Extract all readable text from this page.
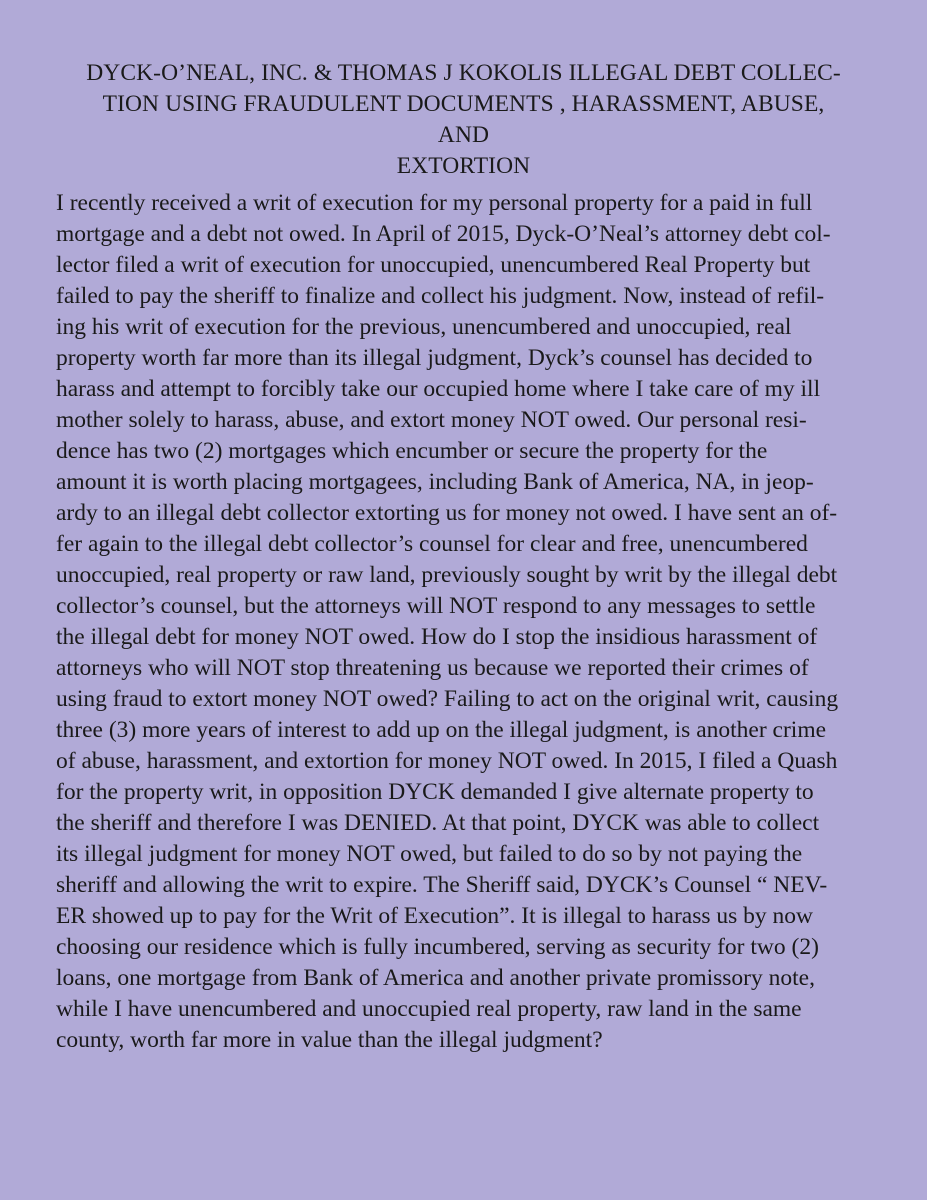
DYCK-O’NEAL, INC. & THOMAS J KOKOLIS ILLEGAL DEBT COLLEC-
TION USING FRAUDULENT DOCUMENTS , HARASSMENT, ABUSE, AND
EXTORTION

I recently received a writ of execution for my personal property for a paid in full
mortgage and a debt not owed. In April of 2015, Dyck-O’Neal’s attorney debt col-
lector filed a writ of execution for unoccupied, unencumbered Real Property but
failed to pay the sheriff to finalize and collect his judgment. Now, instead of refil-
ing his writ of execution for the previous, unencumbered and unoccupied, real
property worth far more than its illegal judgment, Dyck’s counsel has decided to
harass and attempt to forcibly take our occupied home where I take care of my ill
mother solely to harass, abuse, and extort money NOT owed. Our personal resi-
dence has two (2) mortgages which encumber or secure the property for the
amount it is worth placing mortgagees, including Bank of America, NA, in jeop-
ardy to an illegal debt collector extorting us for money not owed. I have sent an of-
fer again to the illegal debt collector’s counsel for clear and free, unencumbered
unoccupied, real property or raw land, previously sought by writ by the illegal debt
collector’s counsel, but the attorneys will NOT respond to any messages to settle
the illegal debt for money NOT owed. How do I stop the insidious harassment of
attorneys who will NOT stop threatening us because we reported their crimes of
using fraud to extort money NOT owed? Failing to act on the original writ, causing
three (3) more years of interest to add up on the illegal judgment, is another crime
of abuse, harassment, and extortion for money NOT owed. In 2015, I filed a Quash
for the property writ, in opposition DYCK demanded I give alternate property to
the sheriff and therefore I was DENIED. At that point, DYCK was able to collect
its illegal judgment for money NOT owed, but failed to do so by not paying the
sheriff and allowing the writ to expire. The Sheriff said, DYCK’s Counsel “ NEV-
ER showed up to pay for the Writ of Execution”. It is illegal to harass us by now
choosing our residence which is fully incumbered, serving as security for two (2)
loans, one mortgage from Bank of America and another private promissory note,
while I have unencumbered and unoccupied real property, raw land in the same
county, worth far more in value than the illegal judgment?
